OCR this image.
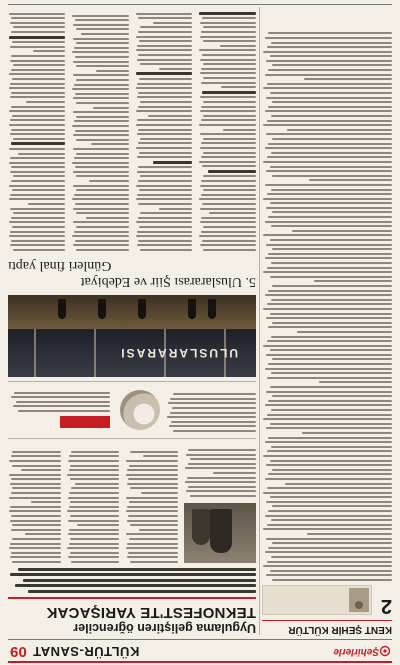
Şehirlerle
KÜLTÜR-SANAT
09
KENT ŞEHİR KÜLTÜR
2
Uygulama geliştiren öğrenciler
TEKNOFEST'TE YARIŞACAK
ULUSLARARASI
5. Uluslararası Şiir ve Edebiyat
Günleri final yaptı
